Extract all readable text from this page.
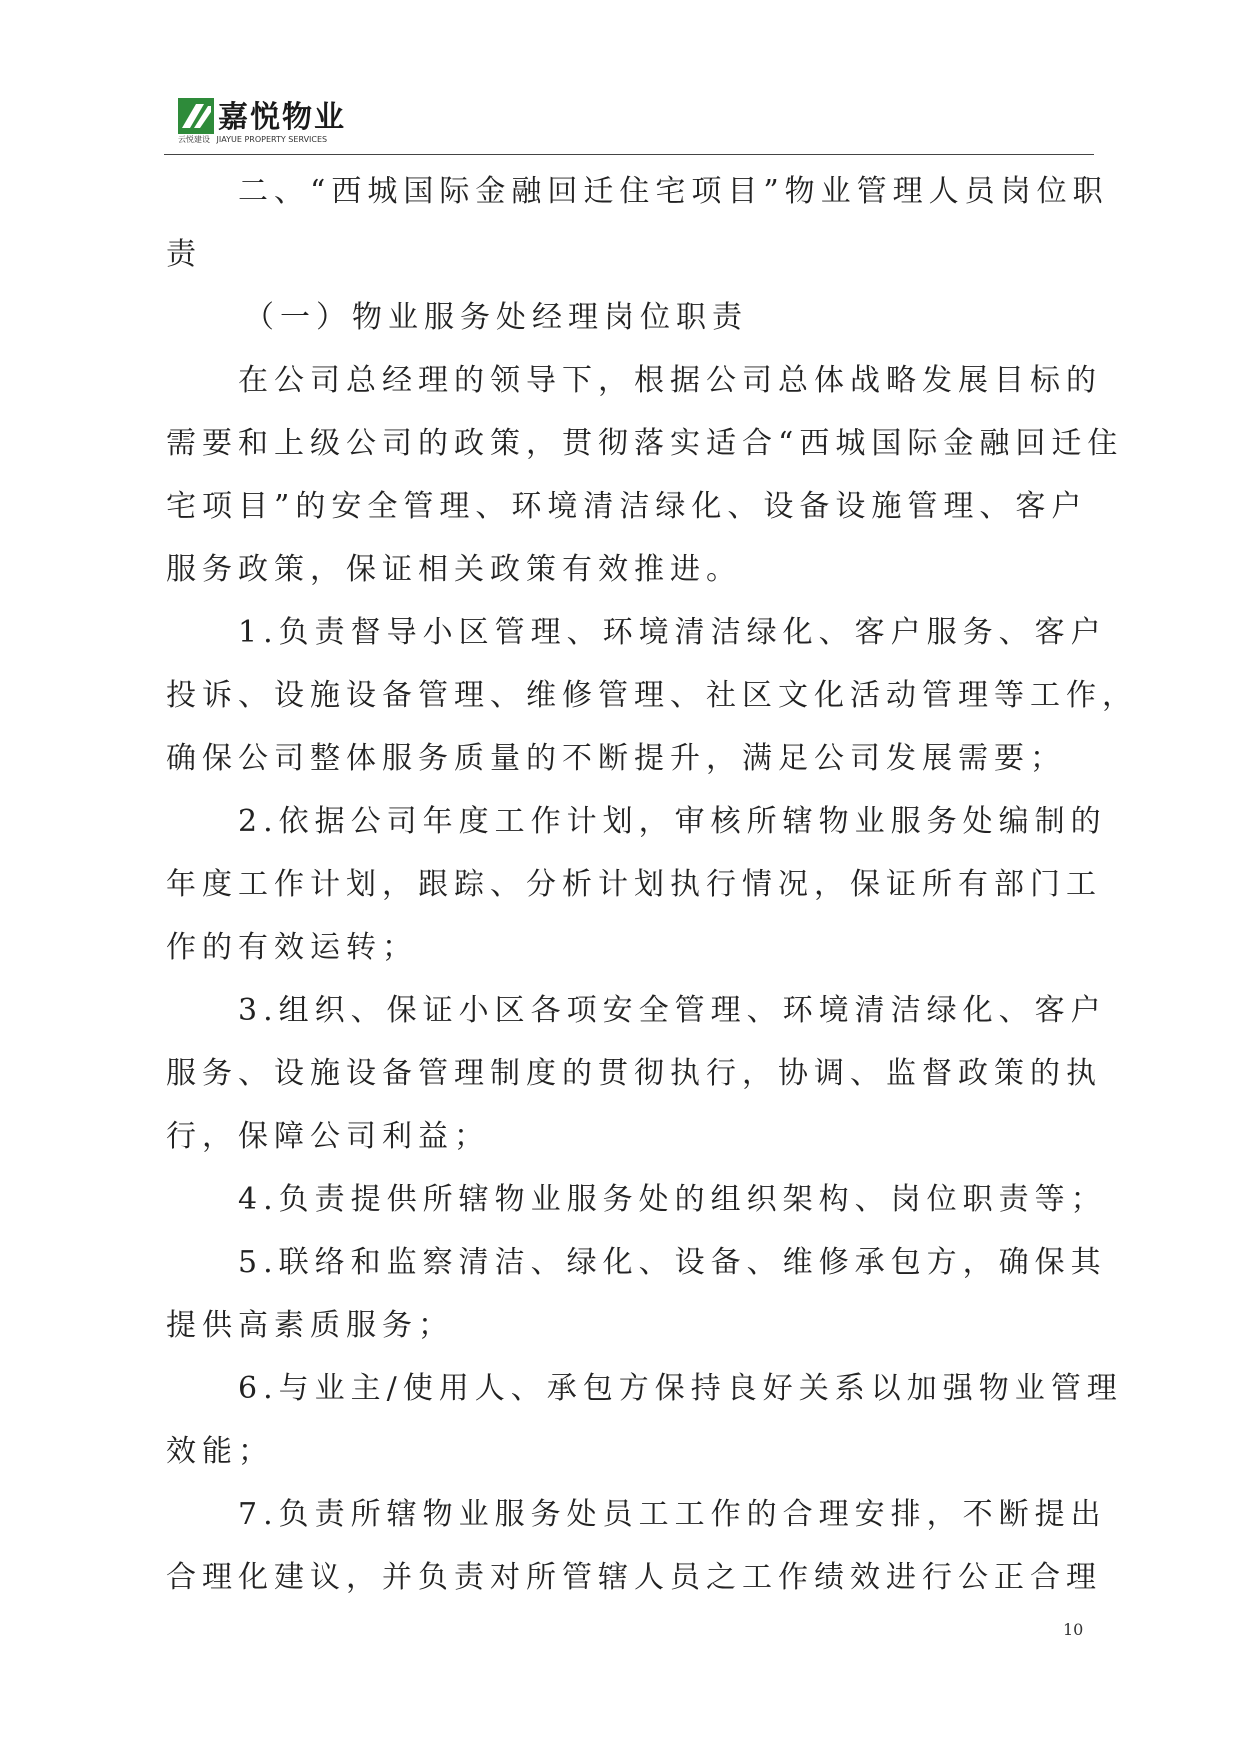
嘉悦物业
云悦建设 JIAYUE PROPERTY SERVICES
二、“西城国际金融回迁住宅项目”物业管理人员岗位职
责
（一）物业服务处经理岗位职责
在公司总经理的领导下，根据公司总体战略发展目标的
需要和上级公司的政策，贯彻落实适合“西城国际金融回迁住
宅项目”的安全管理、环境清洁绿化、设备设施管理、客户
服务政策，保证相关政策有效推进。
1.负责督导小区管理、环境清洁绿化、客户服务、客户
投诉、设施设备管理、维修管理、社区文化活动管理等工作，
确保公司整体服务质量的不断提升，满足公司发展需要；
2.依据公司年度工作计划，审核所辖物业服务处编制的
年度工作计划，跟踪、分析计划执行情况，保证所有部门工
作的有效运转；
3.组织、保证小区各项安全管理、环境清洁绿化、客户
服务、设施设备管理制度的贯彻执行，协调、监督政策的执
行，保障公司利益；
4.负责提供所辖物业服务处的组织架构、岗位职责等；
5.联络和监察清洁、绿化、设备、维修承包方，确保其
提供高素质服务；
6.与业主/使用人、承包方保持良好关系以加强物业管理
效能；
7.负责所辖物业服务处员工工作的合理安排，不断提出
合理化建议，并负责对所管辖人员之工作绩效进行公正合理
10
